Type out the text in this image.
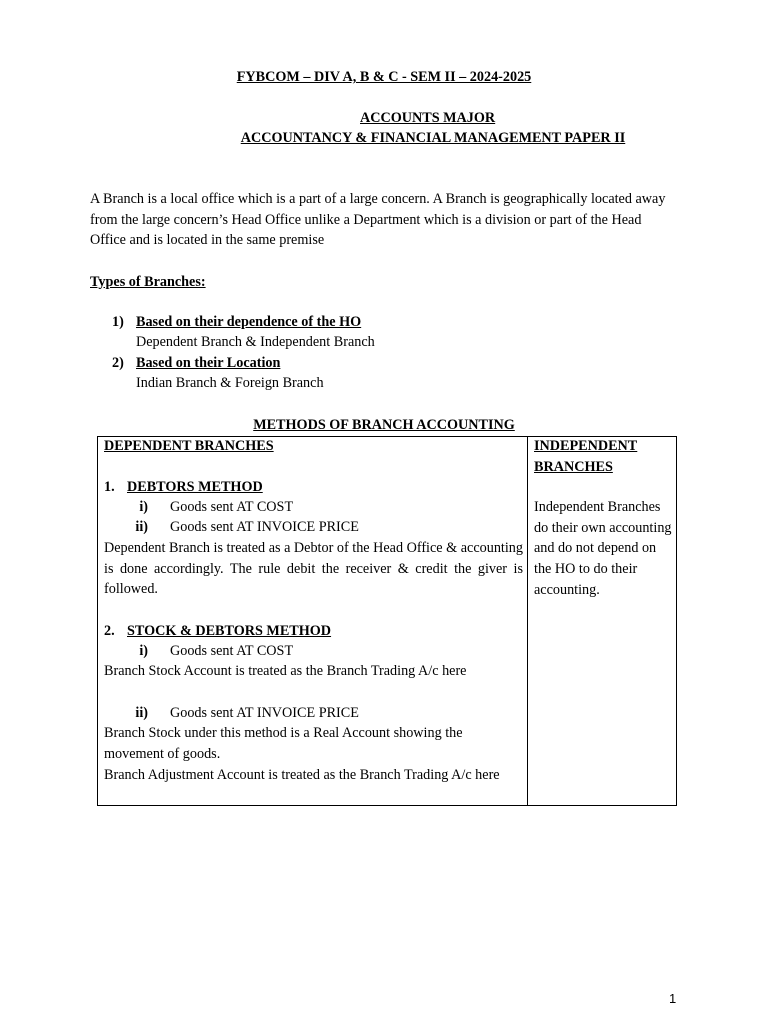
FYBCOM – DIV A, B & C - SEM II – 2024-2025
ACCOUNTS MAJOR
ACCOUNTANCY & FINANCIAL MANAGEMENT PAPER II
A Branch is a local office which is a part of a large concern. A Branch is geographically located away from the large concern’s Head Office unlike a Department which is a division or part of the Head Office and is located in the same premise
Types of Branches:
1) Based on their dependence of the HO
Dependent Branch & Independent Branch
2) Based on their Location
Indian Branch & Foreign Branch
METHODS OF BRANCH ACCOUNTING
DEPENDENT BRANCHES
1. DEBTORS METHOD
i) Goods sent AT COST
ii) Goods sent AT INVOICE PRICE
Dependent Branch is treated as a Debtor of the Head Office & accounting is done accordingly. The rule debit the receiver & credit the giver is followed.
2. STOCK & DEBTORS METHOD
i) Goods sent AT COST
Branch Stock Account is treated as the Branch Trading A/c here
ii) Goods sent AT INVOICE PRICE
Branch Stock under this method is a Real Account showing the movement of goods.
Branch Adjustment Account is treated as the Branch Trading A/c here
INDEPENDENT BRANCHES
Independent Branches do their own accounting and do not depend on the HO to do their accounting.
1
